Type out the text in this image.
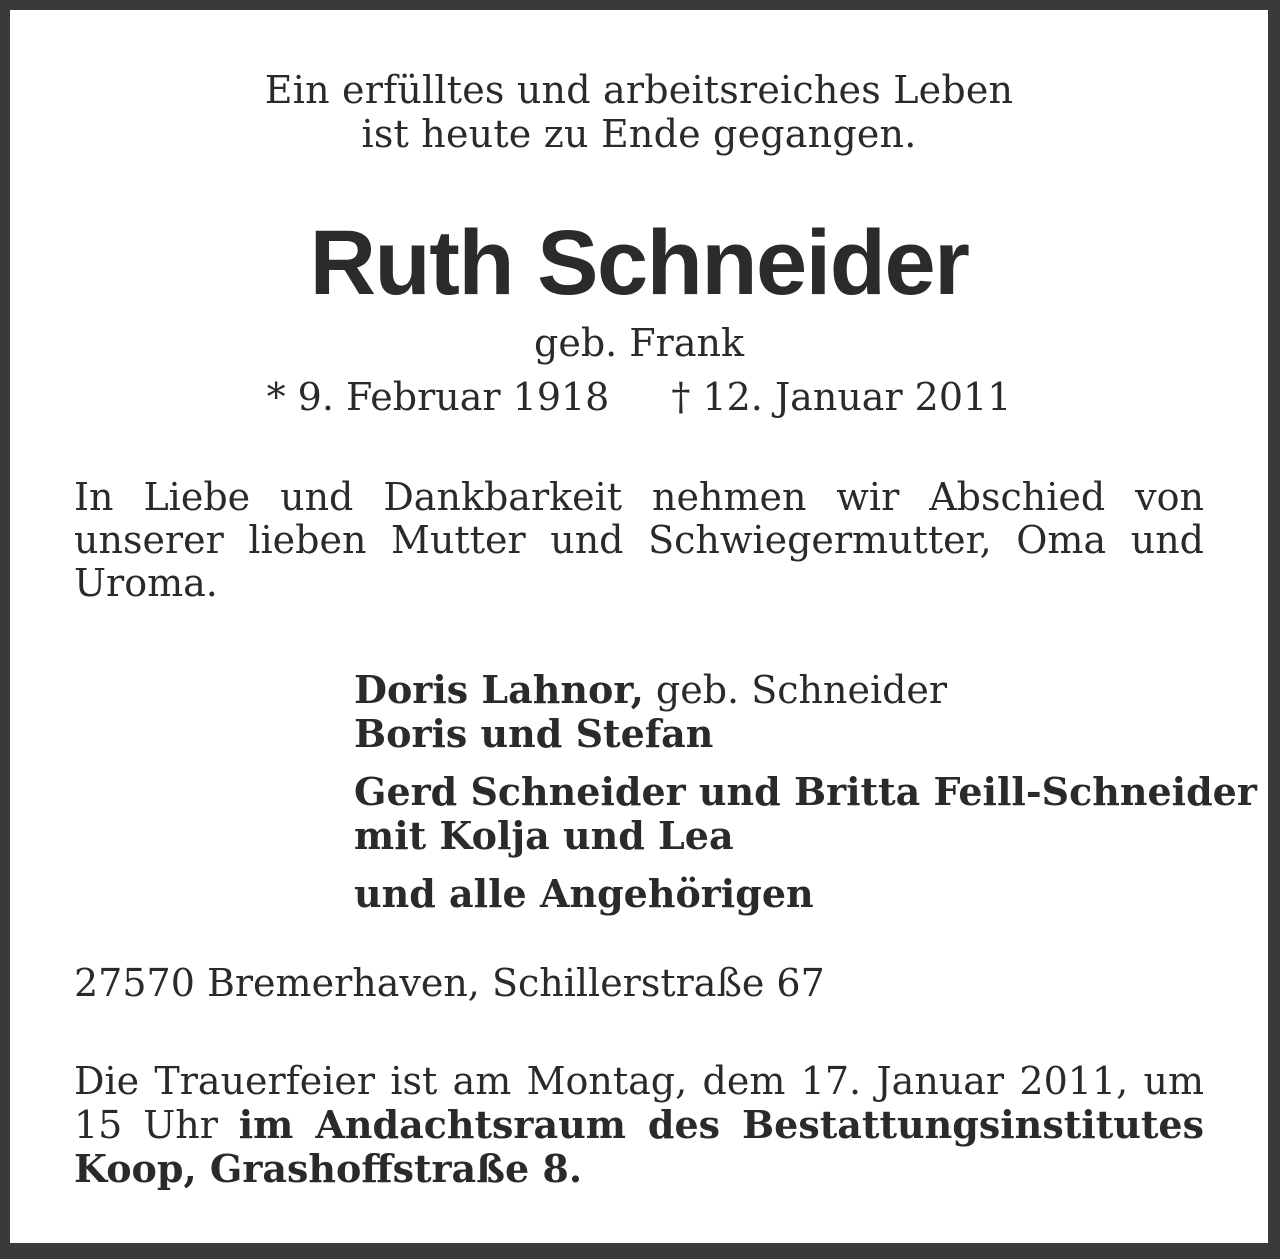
Ein erfülltes und arbeitsreiches Leben
ist heute zu Ende gegangen.
Ruth Schneider
geb. Frank
* 9. Februar 1918 † 12. Januar 2011
In Liebe und Dankbarkeit nehmen wir Abschied von unserer lieben Mutter und Schwiegermutter, Oma und Uroma.
Doris Lahnor, geb. Schneider
Boris und Stefan
Gerd Schneider und Britta Feill-Schneider
mit Kolja und Lea
und alle Angehörigen
27570 Bremerhaven, Schillerstraße 67
Die Trauerfeier ist am Montag, dem 17. Januar 2011, um 15 Uhr im Andachtsraum des Bestattungsinstitutes Koop, Grashoffstraße 8.
